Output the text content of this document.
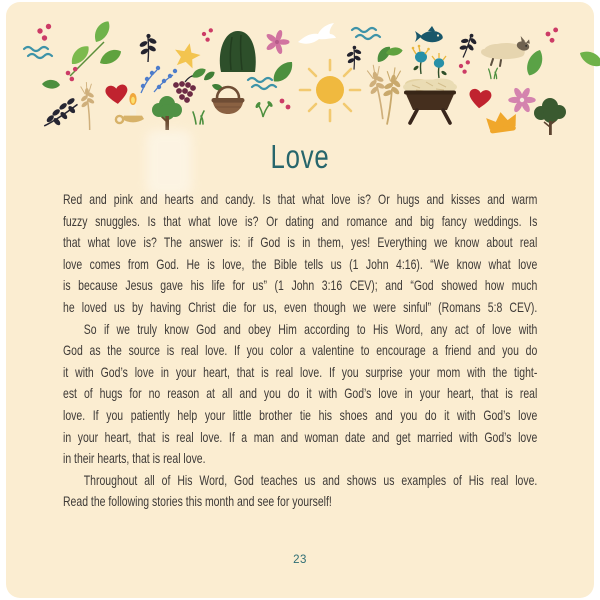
Love
Red and pink and hearts and candy. Is that what love is? Or hugs and kisses and warm
fuzzy snuggles. Is that what love is? Or dating and romance and big fancy weddings. Is
that what love is? The answer is: if God is in them, yes! Everything we know about real
love comes from God. He is love, the Bible tells us (1 John 4:16). “We know what love
is because Jesus gave his life for us” (1 John 3:16 CEV); and “God showed how much
he loved us by having Christ die for us, even though we were sinful” (Romans 5:8 CEV).
So if we truly know God and obey Him according to His Word, any act of love with
God as the source is real love. If you color a valentine to encourage a friend and you do
it with God’s love in your heart, that is real love. If you surprise your mom with the tight-
est of hugs for no reason at all and you do it with God’s love in your heart, that is real
love. If you patiently help your little brother tie his shoes and you do it with God’s love
in your heart, that is real love. If a man and woman date and get married with God’s love
in their hearts, that is real love.
Throughout all of His Word, God teaches us and shows us examples of His real love.
Read the following stories this month and see for yourself!
23
